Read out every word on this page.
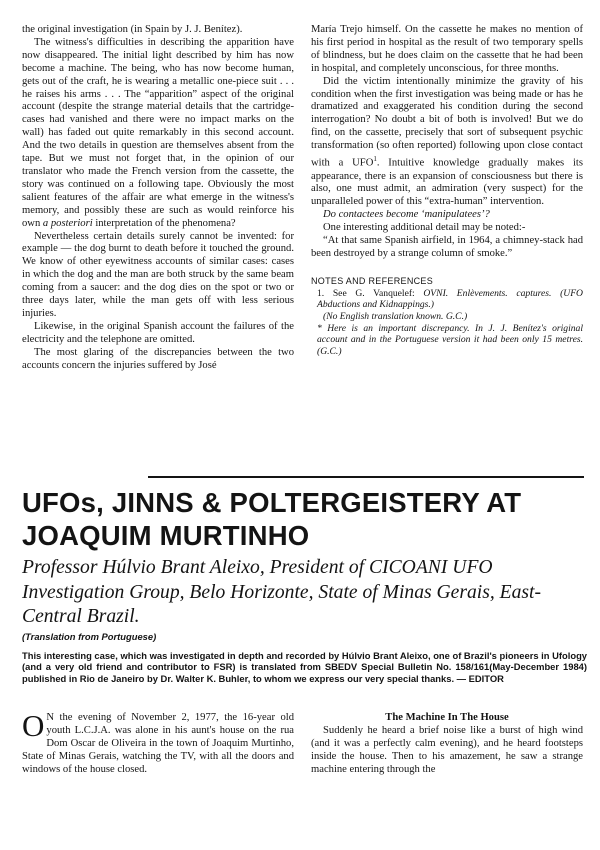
the original investigation (in Spain by J. J. Benítez).

The witness's difficulties in describing the apparition have now disappeared. The initial light described by him has now become a machine. The being, who has now become human, gets out of the craft, he is wearing a metallic one-piece suit . . . he raises his arms . . . The “apparition” aspect of the original account (despite the strange material details that the cartridge-cases had vanished and there were no impact marks on the wall) has faded out quite remarkably in this second account. And the two details in question are themselves absent from the tape. But we must not forget that, in the opinion of our translator who made the French version from the cassette, the story was continued on a following tape. Obviously the most salient features of the affair are what emerge in the witness's memory, and possibly these are such as would reinforce his own a posteriori interpretation of the phenomena?

Nevertheless certain details surely cannot be invented: for example — the dog burnt to death before it touched the ground. We know of other eyewitness accounts of similar cases: cases in which the dog and the man are both struck by the same beam coming from a saucer: and the dog dies on the spot or two or three days later, while the man gets off with less serious injuries.

Likewise, in the original Spanish account the failures of the electricity and the telephone are omitted.

The most glaring of the discrepancies between the two accounts concern the injuries suffered by José

María Trejo himself. On the cassette he makes no mention of his first period in hospital as the result of two temporary spells of blindness, but he does claim on the cassette that he had been in hospital, and completely unconscious, for three months.

Did the victim intentionally minimize the gravity of his condition when the first investigation was being made or has he dramatized and exaggerated his condition during the second interrogation? No doubt a bit of both is involved! But we do find, on the cassette, precisely that sort of subsequent psychic transformation (so often reported) following upon close contact with a UFO$^1$. Intuitive knowledge gradually makes its appearance, there is an expansion of consciousness but there is also, one must admit, an admiration (very suspect) for the unparalleled power of this “extra-human” intervention.

Do contactees become ‘manipulatees’?

One interesting additional detail may be noted:-

“At that same Spanish airfield, in 1964, a chimney-stack had been destroyed by a strange column of smoke.”

NOTES AND REFERENCES

1. See G. Vanquelef: OVNI. Enlèvements. captures. (UFO Abductions and Kidnappings.)

(No English translation known. G.C.)

* Here is an important discrepancy. In J. J. Benítez's original account and in the Portuguese version it had been only 15 metres. (G.C.)

UFOs, JINNS & POLTERGEISTERY AT JOAQUIM MURTINHO

Professor Húlvio Brant Aleixo, President of CICOANI UFO Investigation Group, Belo Horizonte, State of Minas Gerais, East-Central Brazil.

(Translation from Portuguese)

This interesting case, which was investigated in depth and recorded by Húlvio Brant Aleixo, one of Brazil's pioneers in Ufology (and a very old friend and contributor to FSR) is translated from SBEDV Special Bulletin No. 158/161(May-December 1984) published in Rio de Janeiro by Dr. Walter K. Buhler, to whom we express our very special thanks. — EDITOR

O N the evening of November 2, 1977, the 16-year old youth L.C.J.A. was alone in his aunt's house on the rua Dom Oscar de Oliveira in the town of Joaquim Murtinho, State of Minas Gerais, watching the TV, with all the doors and windows of the house closed.

The Machine In The House

Suddenly he heard a brief noise like a burst of high wind (and it was a perfectly calm evening), and he heard footsteps inside the house. Then to his amazement, he saw a strange machine entering through the
